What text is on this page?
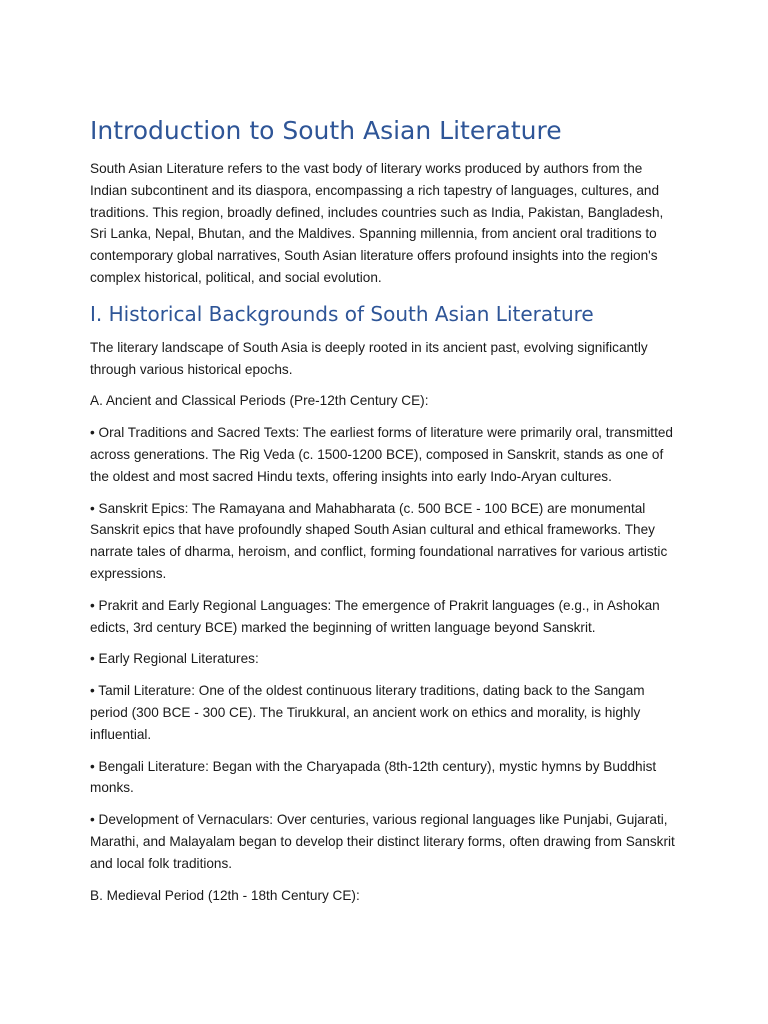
Introduction to South Asian Literature

South Asian Literature refers to the vast body of literary works produced by authors from the Indian subcontinent and its diaspora, encompassing a rich tapestry of languages, cultures, and traditions. This region, broadly defined, includes countries such as India, Pakistan, Bangladesh, Sri Lanka, Nepal, Bhutan, and the Maldives. Spanning millennia, from ancient oral traditions to contemporary global narratives, South Asian literature offers profound insights into the region's complex historical, political, and social evolution.

I. Historical Backgrounds of South Asian Literature

The literary landscape of South Asia is deeply rooted in its ancient past, evolving significantly through various historical epochs.

A. Ancient and Classical Periods (Pre-12th Century CE):

• Oral Traditions and Sacred Texts: The earliest forms of literature were primarily oral, transmitted across generations. The Rig Veda (c. 1500-1200 BCE), composed in Sanskrit, stands as one of the oldest and most sacred Hindu texts, offering insights into early Indo-Aryan cultures.

• Sanskrit Epics: The Ramayana and Mahabharata (c. 500 BCE - 100 BCE) are monumental Sanskrit epics that have profoundly shaped South Asian cultural and ethical frameworks. They narrate tales of dharma, heroism, and conflict, forming foundational narratives for various artistic expressions.

• Prakrit and Early Regional Languages: The emergence of Prakrit languages (e.g., in Ashokan edicts, 3rd century BCE) marked the beginning of written language beyond Sanskrit.

• Early Regional Literatures:

• Tamil Literature: One of the oldest continuous literary traditions, dating back to the Sangam period (300 BCE - 300 CE). The Tirukkural, an ancient work on ethics and morality, is highly influential.

• Bengali Literature: Began with the Charyapada (8th-12th century), mystic hymns by Buddhist monks.

• Development of Vernaculars: Over centuries, various regional languages like Punjabi, Gujarati, Marathi, and Malayalam began to develop their distinct literary forms, often drawing from Sanskrit and local folk traditions.

B. Medieval Period (12th - 18th Century CE):
